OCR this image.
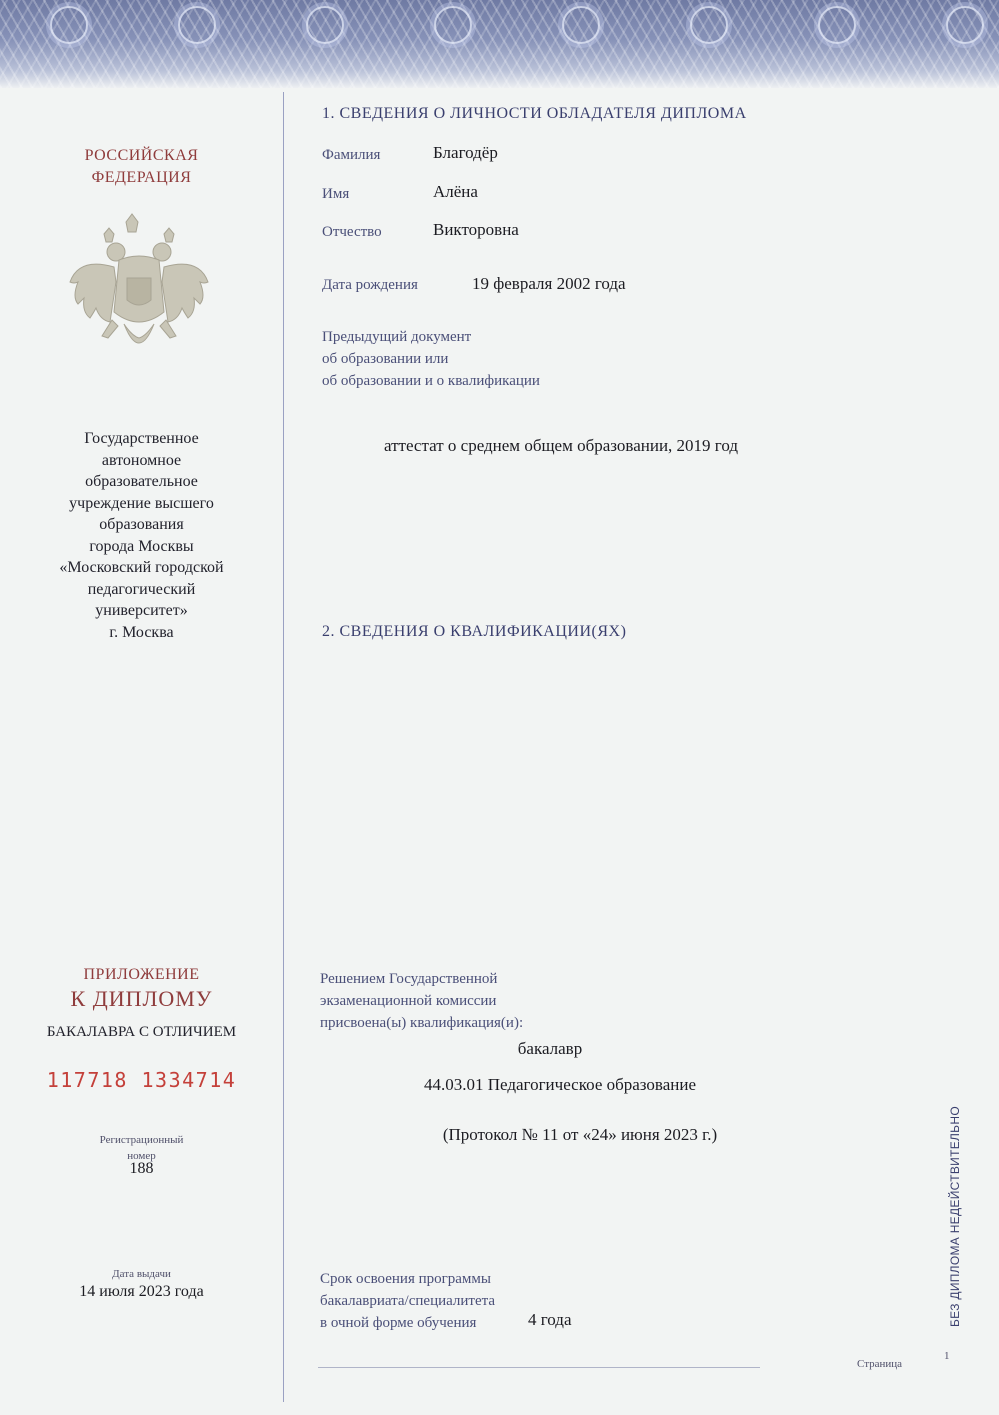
РОССИЙСКАЯ
ФЕДЕРАЦИЯ
Государственное
автономное
образовательное
учреждение высшего
образования
города Москвы
«Московский городской
педагогический
университет»
г. Москва
ПРИЛОЖЕНИЕ
К ДИПЛОМУ
БАКАЛАВРА С ОТЛИЧИЕМ
117718 1334714
Регистрационный
номер
188
Дата выдачи
14 июля 2023 года
1. СВЕДЕНИЯ О ЛИЧНОСТИ ОБЛАДАТЕЛЯ ДИПЛОМА
Фамилия	Благодёр
Имя	Алёна
Отчество	Викторовна
Дата рождения	19 февраля 2002 года
Предыдущий документ
об образовании или
об образовании и о квалификации
аттестат о среднем общем образовании, 2019 год
2. СВЕДЕНИЯ О КВАЛИФИКАЦИИ(ЯХ)
Решением Государственной
экзаменационной комиссии
присвоена(ы) квалификация(и):
бакалавр
44.03.01 Педагогическое образование
(Протокол № 11 от «24» июня 2023 г.)
Срок освоения программы
бакалавриата/специалитета
в очной форме обучения	4 года
Страница
1
БЕЗ ДИПЛОМА НЕДЕЙСТВИТЕЛЬНО
